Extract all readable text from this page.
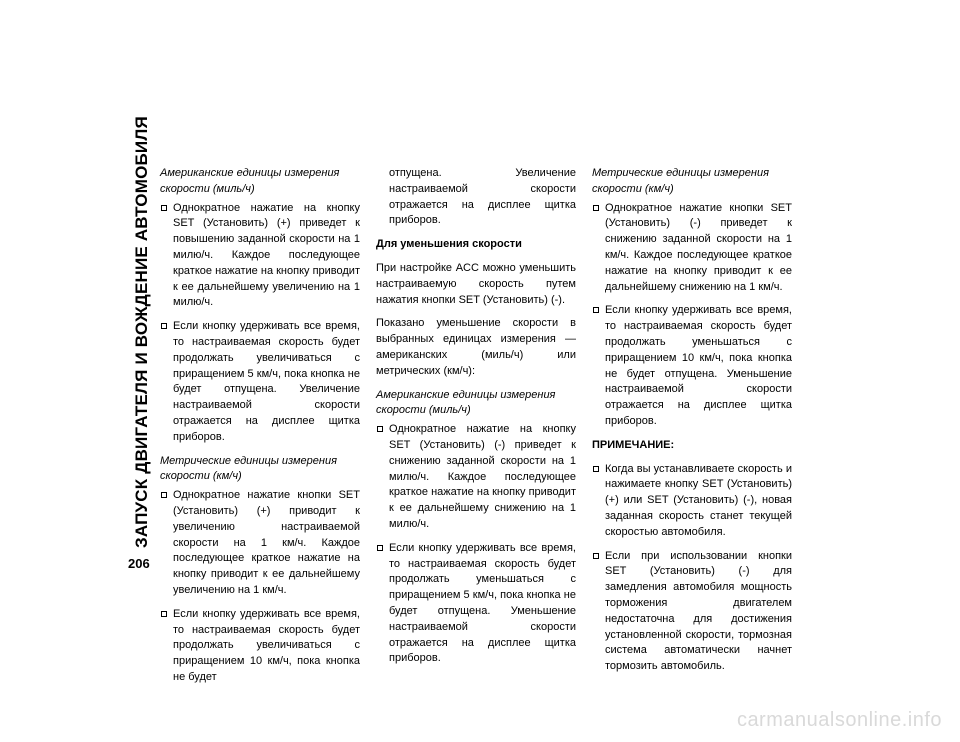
ЗАПУСК ДВИГАТЕЛЯ И ВОЖДЕНИЕ АВТОМОБИЛЯ
206
Американские единицы измерения скорости (миль/ч)
Однократное нажатие на кнопку SET (Установить) (+) приведет к повышению заданной скорости на 1 милю/ч. Каждое последующее краткое нажатие на кнопку приводит к ее дальнейшему увеличению на 1 милю/ч.
Если кнопку удерживать все время, то настраиваемая скорость будет продолжать увеличиваться с приращением 5 км/ч, пока кнопка не будет отпущена. Увеличение настраиваемой скорости отражается на дисплее щитка приборов.
Метрические единицы измерения скорости (км/ч)
Однократное нажатие кнопки SET (Установить) (+) приводит к увеличению настраиваемой скорости на 1 км/ч. Каждое последующее краткое нажатие на кнопку приводит к ее дальнейшему увеличению на 1 км/ч.
Если кнопку удерживать все время, то настраиваемая скорость будет продолжать увеличиваться с приращением 10 км/ч, пока кнопка не будет
отпущена. Увеличение настраиваемой скорости отражается на дисплее щитка приборов.
Для уменьшения скорости
При настройке ACC можно уменьшить настраиваемую скорость путем нажатия кнопки SET (Установить) (-).
Показано уменьшение скорости в выбранных единицах измерения — американских (миль/ч) или метрических (км/ч):
Американские единицы измерения скорости (миль/ч)
Однократное нажатие на кнопку SET (Установить) (-) приведет к снижению заданной скорости на 1 милю/ч. Каждое последующее краткое нажатие на кнопку приводит к ее дальнейшему снижению на 1 милю/ч.
Если кнопку удерживать все время, то настраиваемая скорость будет продолжать уменьшаться с приращением 5 км/ч, пока кнопка не будет отпущена. Уменьшение настраиваемой скорости отражается на дисплее щитка приборов.
Метрические единицы измерения скорости (км/ч)
Однократное нажатие кнопки SET (Установить) (-) приведет к снижению заданной скорости на 1 км/ч. Каждое последующее краткое нажатие на кнопку приводит к ее дальнейшему снижению на 1 км/ч.
Если кнопку удерживать все время, то настраиваемая скорость будет продолжать уменьшаться с приращением 10 км/ч, пока кнопка не будет отпущена. Уменьшение настраиваемой скорости отражается на дисплее щитка приборов.
ПРИМЕЧАНИЕ:
Когда вы устанавливаете скорость и нажимаете кнопку SET (Установить) (+) или SET (Установить) (-), новая заданная скорость станет текущей скоростью автомобиля.
Если при использовании кнопки SET (Установить) (-) для замедления автомобиля мощность торможения двигателем недостаточна для достижения установленной скорости, тормозная система автоматически начнет тормозить автомобиль.
carmanualsonline.info
